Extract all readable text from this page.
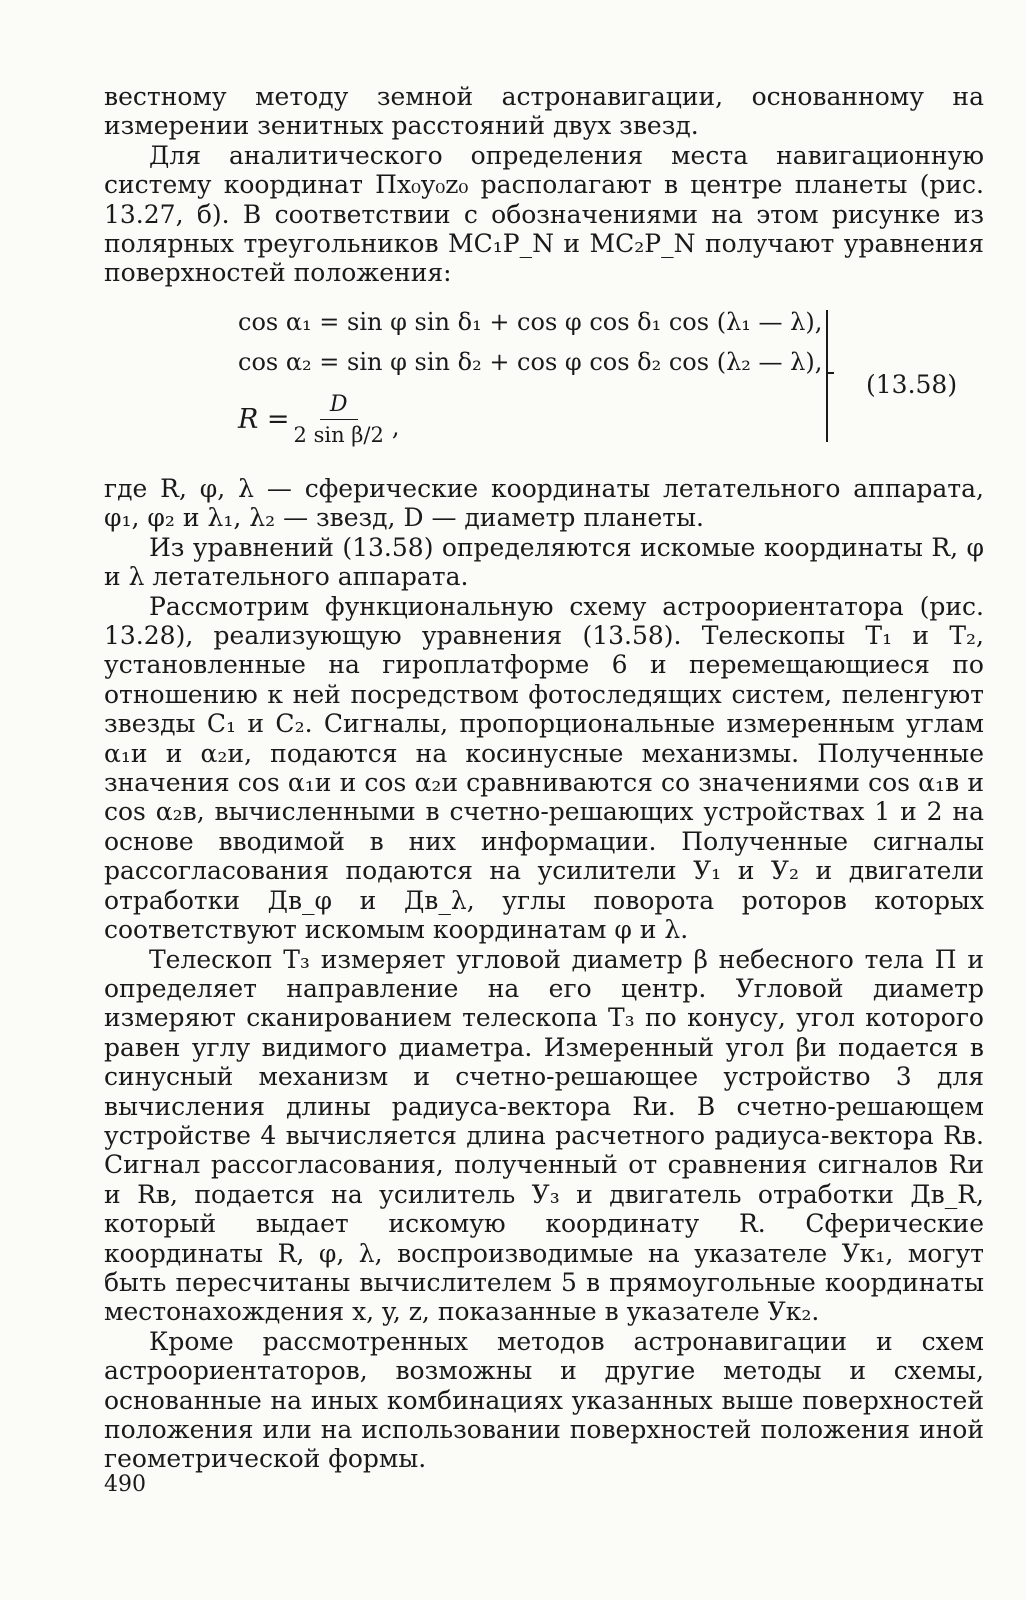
вестному методу земной астронавигации, основанному на измерении зенитных расстояний двух звезд.

Для аналитического определения места навигационную систему координат Пx₀y₀z₀ располагают в центре планеты (рис. 13.27, б). В соответствии с обозначениями на этом рисунке из полярных треугольников MC₁P_N и MC₂P_N получают уравнения поверхностей положения:

cos α₁ = sin φ sin δ₁ + cos φ cos δ₁ cos (λ₁ — λ),
cos α₂ = sin φ sin δ₂ + cos φ cos δ₂ cos (λ₂ — λ),
$R = \frac{D}{\text{2 sin β/2}}$ ,
(13.58)

где R, φ, λ — сферические координаты летательного аппарата, φ₁, φ₂ и λ₁, λ₂ — звезд, D — диаметр планеты.

Из уравнений (13.58) определяются искомые координаты R, φ и λ летательного аппарата.

Рассмотрим функциональную схему астроориентатора (рис. 13.28), реализующую уравнения (13.58). Телескопы T₁ и T₂, установленные на гироплатформе 6 и перемещающиеся по отношению к ней посредством фотоследящих систем, пеленгуют звезды C₁ и C₂. Сигналы, пропорциональные измеренным углам α₁и и α₂и, подаются на косинусные механизмы. Полученные значения cos α₁и и cos α₂и сравниваются со значениями cos α₁в и cos α₂в, вычисленными в счетно-решающих устройствах 1 и 2 на основе вводимой в них информации. Полученные сигналы рассогласования подаются на усилители У₁ и У₂ и двигатели отработки Дв_φ и Дв_λ, углы поворота роторов которых соответствуют искомым координатам φ и λ.

Телескоп Т₃ измеряет угловой диаметр β небесного тела П и определяет направление на его центр. Угловой диаметр измеряют сканированием телескопа Т₃ по конусу, угол которого равен углу видимого диаметра. Измеренный угол βи подается в синусный механизм и счетно-решающее устройство 3 для вычисления длины радиуса-вектора Rи. В счетно-решающем устройстве 4 вычисляется длина расчетного радиуса-вектора Rв. Сигнал рассогласования, полученный от сравнения сигналов Rи и Rв, подается на усилитель У₃ и двигатель отработки Дв_R, который выдает искомую координату R. Сферические координаты R, φ, λ, воспроизводимые на указателе Ук₁, могут быть пересчитаны вычислителем 5 в прямоугольные координаты местонахождения x, y, z, показанные в указателе Ук₂.

Кроме рассмотренных методов астронавигации и схем астроориентаторов, возможны и другие методы и схемы, основанные на иных комбинациях указанных выше поверхностей положения или на использовании поверхностей положения иной геометрической формы.

490
